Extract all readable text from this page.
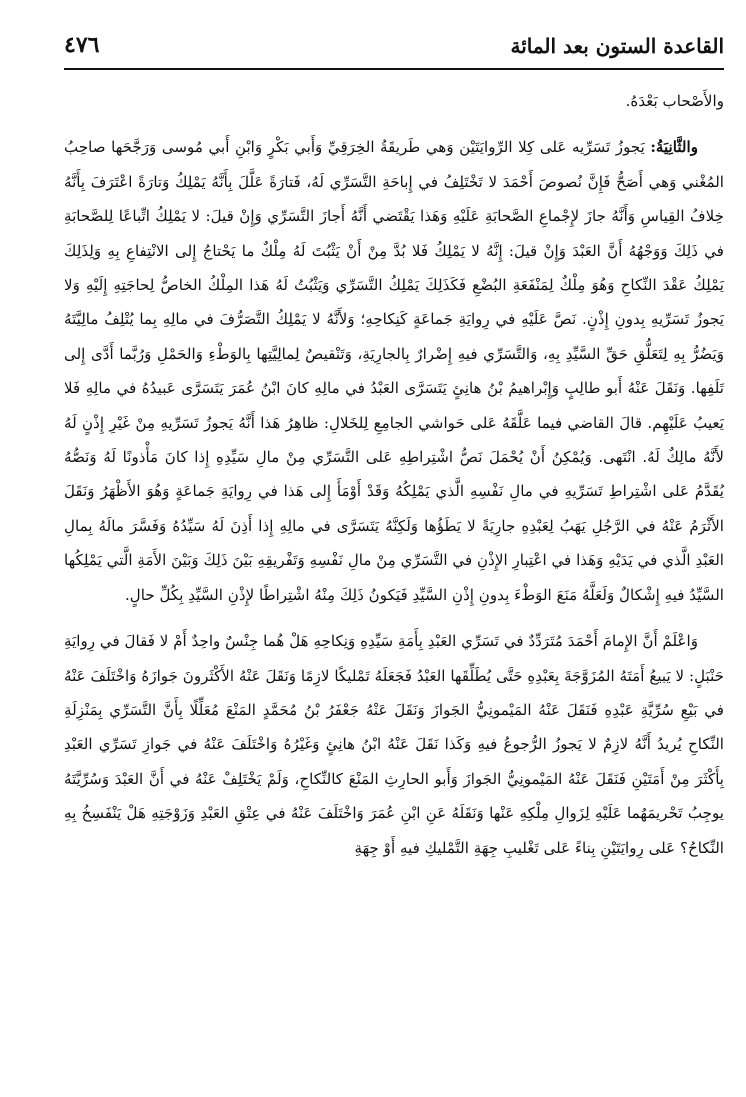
القاعدة الستون بعد المائة
٤٧٦

والأَصْحاب بَعْدَهُ.

والثَّانِيَةُ: يَجوزُ تَسَرِّيه عَلى كِلا الرِّوايَتَيْن وَهي طَريقَةُ الخِرَقِيِّ وَأَبي بَكْرٍ وَابْنِ أَبي مُوسى وَرَجَّحَها صاحِبُ المُغْني وَهي أَصَحُّ فَإِنَّ نُصوصَ أَحْمَدَ لا تَخْتَلِفُ في إِباحَةِ التَّسَرِّي لَهُ، فَتارَةً عَلَّلَ بِأَنَّهُ يَمْلِكُ وَتارَةً اعْتَرَفَ بِأَنَّهُ خِلافُ القِياسِ وَأَنَّهُ جازَ لإِجْماعِ الصَّحابَةِ عَلَيْهِ وَهَذا يَقْتَضي أَنَّهُ أَجازَ التَّسَرِّي وَإِنْ قيلَ: لا يَمْلِكُ اتِّباعًا لِلصَّحابَةِ في ذَلِكَ وَوَجْهُهُ أَنَّ العَبْدَ وَإِنْ قيلَ: إِنَّهُ لا يَمْلِكُ فَلا بُدَّ مِنْ أَنْ يَثْبُتَ لَهُ مِلْكٌ ما يَحْتاجُ إِلى الانْتِفاعِ بِهِ وَلِذَلِكَ يَمْلِكُ عَقْدَ النِّكاحِ وَهُوَ مِلْكٌ لِمَنْفَعَةِ البُضْعِ فَكَذَلِكَ يَمْلِكُ التَّسَرِّي وَيَثْبُتُ لَهُ هَذا المِلْكُ الخاصُّ لِحاجَتِهِ إِلَيْهِ وَلا يَجوزُ تَسَرِّيهِ بِدونِ إِذْنٍ. نَصَّ عَلَيْهِ في رِوايَةِ جَماعَةٍ كَنِكاحِهِ؛ وَلأَنَّهُ لا يَمْلِكُ التَّصَرُّفَ في مالِهِ بِما يُتْلِفُ مالِيَّتَهُ وَيَضُرُّ بِهِ لِتَعَلُّقِ حَقِّ السَّيِّدِ بِهِ، وَالتَّسَرِّي فيهِ إِضْرارٌ بِالجارِيَةِ، وَتَنْقيصٌ لِمالِيَّتِها بِالوَطْءِ وَالحَمْلِ وَرُبَّما أَدَّى إِلى تَلَفِها. وَنَقَلَ عَنْهُ أَبو طالِبٍ وَإِبْراهيمُ بْنُ هانِئٍ يَتَسَرَّى العَبْدُ في مالِهِ كانَ ابْنُ عُمَرَ يَتَسَرَّى عَبيدُهُ في مالِهِ فَلا يَعيبُ عَلَيْهِم. قالَ القاضي فيما عَلَّقَهُ عَلى حَواشي الجامِعِ لِلخَلالِ: ظاهِرُ هَذا أَنَّهُ يَجوزُ تَسَرِّيهِ مِنْ غَيْرِ إِذْنٍ لَهُ لأَنَّهُ مالِكٌ لَهُ. انْتَهى. وَيُمْكِنُ أَنْ يُحْمَلَ نَصُّ اشْتِراطِهِ عَلى التَّسَرِّي مِنْ مالِ سَيِّدِهِ إِذا كانَ مَأْذونًا لَهُ وَنَصُّهُ يُقَدَّمُ عَلى اشْتِراطِ تَسَرِّيهِ في مالِ نَفْسِهِ الَّذي يَمْلِكُهُ وَقَدْ أَوْمَأَ إِلى هَذا في رِوايَةِ جَماعَةٍ وَهُوَ الأَظْهَرُ وَنَقَلَ الأَثْرَمُ عَنْهُ في الرَّجُلِ يَهَبُ لِعَبْدِهِ جارِيَةً لا يَطَؤُها وَلَكِنَّهُ يَتَسَرَّى في مالِهِ إِذا أَذِنَ لَهُ سَيِّدُهُ وَفَسَّرَ مالَهُ بِمالِ العَبْدِ الَّذي في يَدَيْهِ وَهَذا في اعْتِبارِ الإِذْنِ في التَّسَرِّي مِنْ مالِ نَفْسِهِ وَتَفْريقِهِ بَيْنَ ذَلِكَ وَبَيْنَ الأَمَةِ الَّتي يَمْلِكُها السَّيِّدُ فيهِ إِشْكالٌ وَلَعَلَّهُ مَنَعَ الوَطْءَ بِدونِ إِذْنِ السَّيِّدِ فَيَكونُ ذَلِكَ مِنْهُ اشْتِراطًا لإِذْنِ السَّيِّدِ بِكُلِّ حالٍ.

وَاعْلَمْ أَنَّ الإِمامَ أَحْمَدَ مُتَرَدِّدٌ في تَسَرِّي العَبْدِ بِأَمَةِ سَيِّدِهِ وَنِكاحِهِ هَلْ هُما جِنْسٌ واحِدٌ أَمْ لا فَقالَ في رِوايَةِ حَنْبَلٍ: لا يَبيعُ أَمَتَهُ المُزَوَّجَةَ بِعَبْدِهِ حَتَّى يُطَلِّقَها العَبْدُ فَجَعَلَهُ تَمْليكًا لازِمًا وَنَقَلَ عَنْهُ الأَكْثَرونَ جَوازَهُ وَاخْتَلَفَ عَنْهُ في بَيْعِ سُرِّيَّةِ عَبْدِهِ فَنَقَلَ عَنْهُ المَيْمونِيُّ الجَوازَ وَنَقَلَ عَنْهُ جَعْفَرُ بْنُ مُحَمَّدٍ المَنْعَ مُعَلِّلًا بِأَنَّ التَّسَرِّي بِمَنْزِلَةِ النِّكاحِ يُريدُ أَنَّهُ لازِمٌ لا يَجوزُ الرُّجوعُ فيهِ وَكَذا نَقَلَ عَنْهُ ابْنُ هانِئٍ وَغَيْرُهُ وَاخْتَلَفَ عَنْهُ في جَوازِ تَسَرِّي العَبْدِ بِأَكْثَرَ مِنْ أَمَتَيْنِ فَنَقَلَ عَنْهُ المَيْمونِيُّ الجَوازَ وَأَبو الحارِثِ المَنْعَ كالنِّكاحِ، وَلَمْ يَخْتَلِفْ عَنْهُ في أَنَّ العَبْدَ وَسُرِّيَّتَهُ يوجِبُ تَحْريمَهُما عَلَيْهِ لِزَوالِ مِلْكِهِ عَنْها وَنَقَلَهُ عَنِ ابْنِ عُمَرَ وَاخْتَلَفَ عَنْهُ في عِتْقِ العَبْدِ وَزَوْجَتِهِ هَلْ يَنْفَسِخُ بِهِ النِّكاحُ؟ عَلى رِوايَتَيْنِ بِناءً عَلى تَغْليبِ جِهَةِ التَّمْليكِ فيهِ أَوْ جِهَةِ
